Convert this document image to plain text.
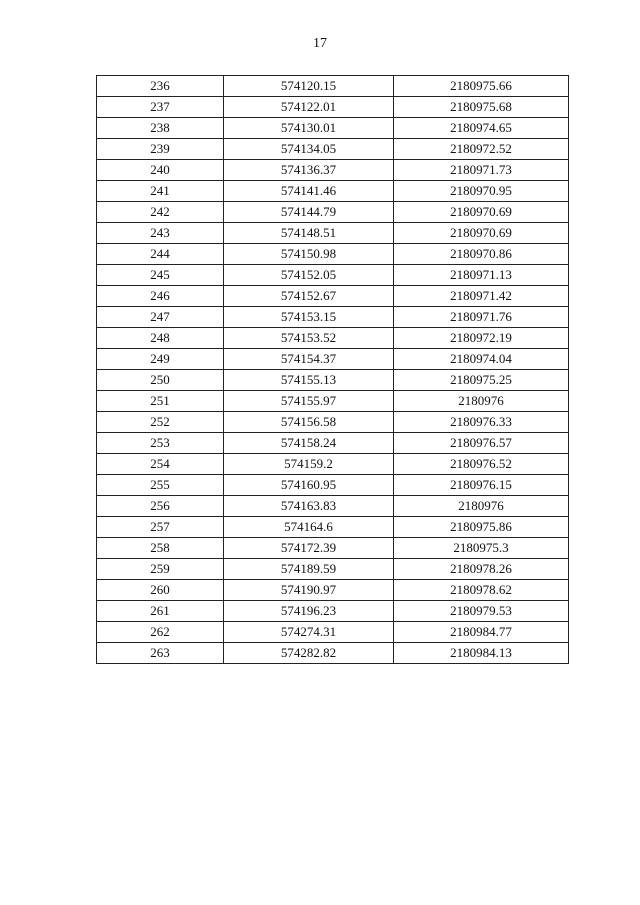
17
236	574120.15	2180975.66
237	574122.01	2180975.68
238	574130.01	2180974.65
239	574134.05	2180972.52
240	574136.37	2180971.73
241	574141.46	2180970.95
242	574144.79	2180970.69
243	574148.51	2180970.69
244	574150.98	2180970.86
245	574152.05	2180971.13
246	574152.67	2180971.42
247	574153.15	2180971.76
248	574153.52	2180972.19
249	574154.37	2180974.04
250	574155.13	2180975.25
251	574155.97	2180976
252	574156.58	2180976.33
253	574158.24	2180976.57
254	574159.2	2180976.52
255	574160.95	2180976.15
256	574163.83	2180976
257	574164.6	2180975.86
258	574172.39	2180975.3
259	574189.59	2180978.26
260	574190.97	2180978.62
261	574196.23	2180979.53
262	574274.31	2180984.77
263	574282.82	2180984.13
